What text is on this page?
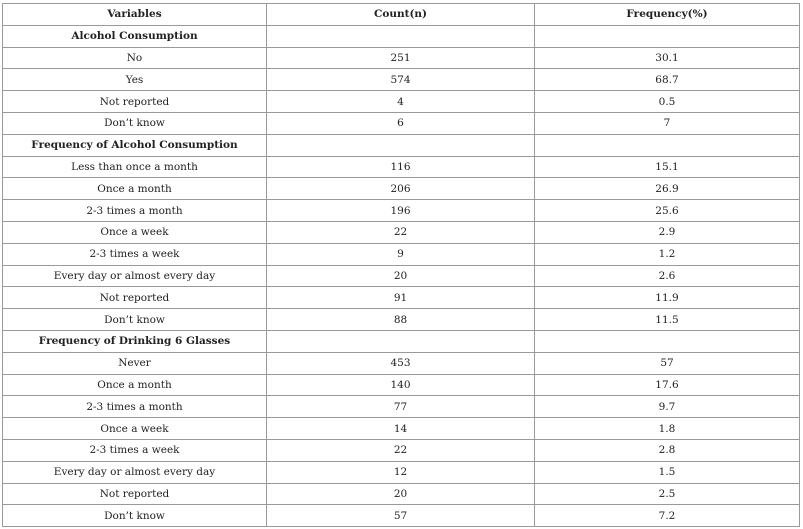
Variables	Count(n)	Frequency(%)
Alcohol Consumption		
No	251	30.1
Yes	574	68.7
Not reported	4	0.5
Don’t know	6	7
Frequency of Alcohol Consumption		
Less than once a month	116	15.1
Once a month	206	26.9
2-3 times a month	196	25.6
Once a week	22	2.9
2-3 times a week	9	1.2
Every day or almost every day	20	2.6
Not reported	91	11.9
Don’t know	88	11.5
Frequency of Drinking 6 Glasses		
Never	453	57
Once a month	140	17.6
2-3 times a month	77	9.7
Once a week	14	1.8
2-3 times a week	22	2.8
Every day or almost every day	12	1.5
Not reported	20	2.5
Don’t know	57	7.2
